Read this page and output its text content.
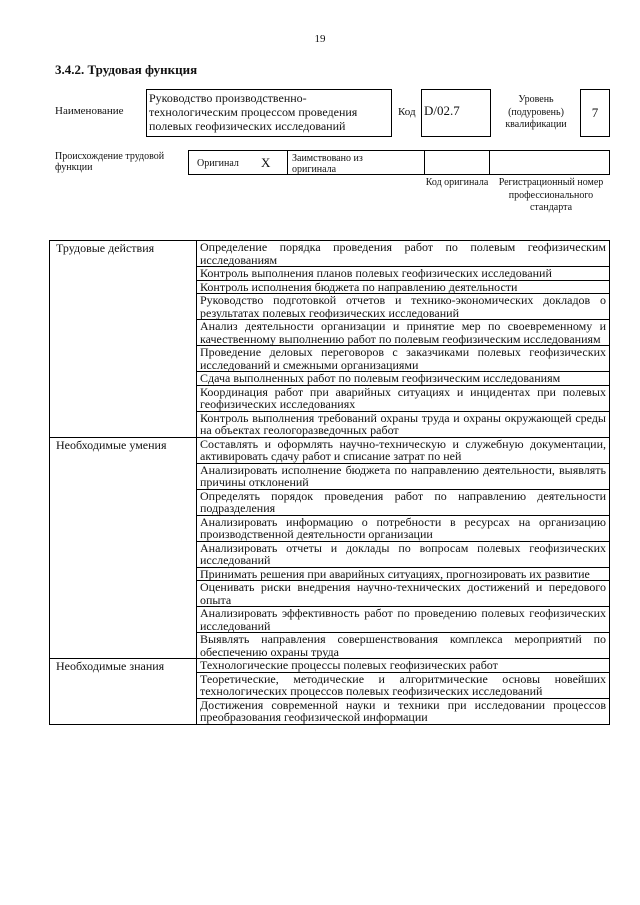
19
3.4.2. Трудовая функция
Наименование
Руководство производственно-технологическим процессом проведения полевых геофизических исследований
Код D/02.7
Уровень (подуровень) квалификации
7
Происхождение трудовой функции	Оригинал X Заимствовано из оригинала
Код оригинала Регистрационный номер профессионального стандарта
Трудовые действия	Определение порядка проведения работ по полевым геофизическим исследованиям
	Контроль выполнения планов полевых геофизических исследований
	Контроль исполнения бюджета по направлению деятельности
	Руководство подготовкой отчетов и технико-экономических докладов о результатах полевых геофизических исследований
	Анализ деятельности организации и принятие мер по своевременному и качественному выполнению работ по полевым геофизическим исследованиям
	Проведение деловых переговоров с заказчиками полевых геофизических исследований и смежными организациями
	Сдача выполненных работ по полевым геофизическим исследованиям
	Координация работ при аварийных ситуациях и инцидентах при полевых геофизических исследованиях
	Контроль выполнения требований охраны труда и охраны окружающей среды на объектах геологоразведочных работ
Необходимые умения	Составлять и оформлять научно-техническую и служебную документации, активировать сдачу работ и списание затрат по ней
	Анализировать исполнение бюджета по направлению деятельности, выявлять причины отклонений
	Определять порядок проведения работ по направлению деятельности подразделения
	Анализировать информацию о потребности в ресурсах на организацию производственной деятельности организации
	Анализировать отчеты и доклады по вопросам полевых геофизических исследований
	Принимать решения при аварийных ситуациях, прогнозировать их развитие
	Оценивать риски внедрения научно-технических достижений и передового опыта
	Анализировать эффективность работ по проведению полевых геофизических исследований
	Выявлять направления совершенствования комплекса мероприятий по обеспечению охраны труда
Необходимые знания	Технологические процессы полевых геофизических работ
	Теоретические, методические и алгоритмические основы новейших технологических процессов полевых геофизических исследований
	Достижения современной науки и техники при исследовании процессов преобразования геофизической информации
